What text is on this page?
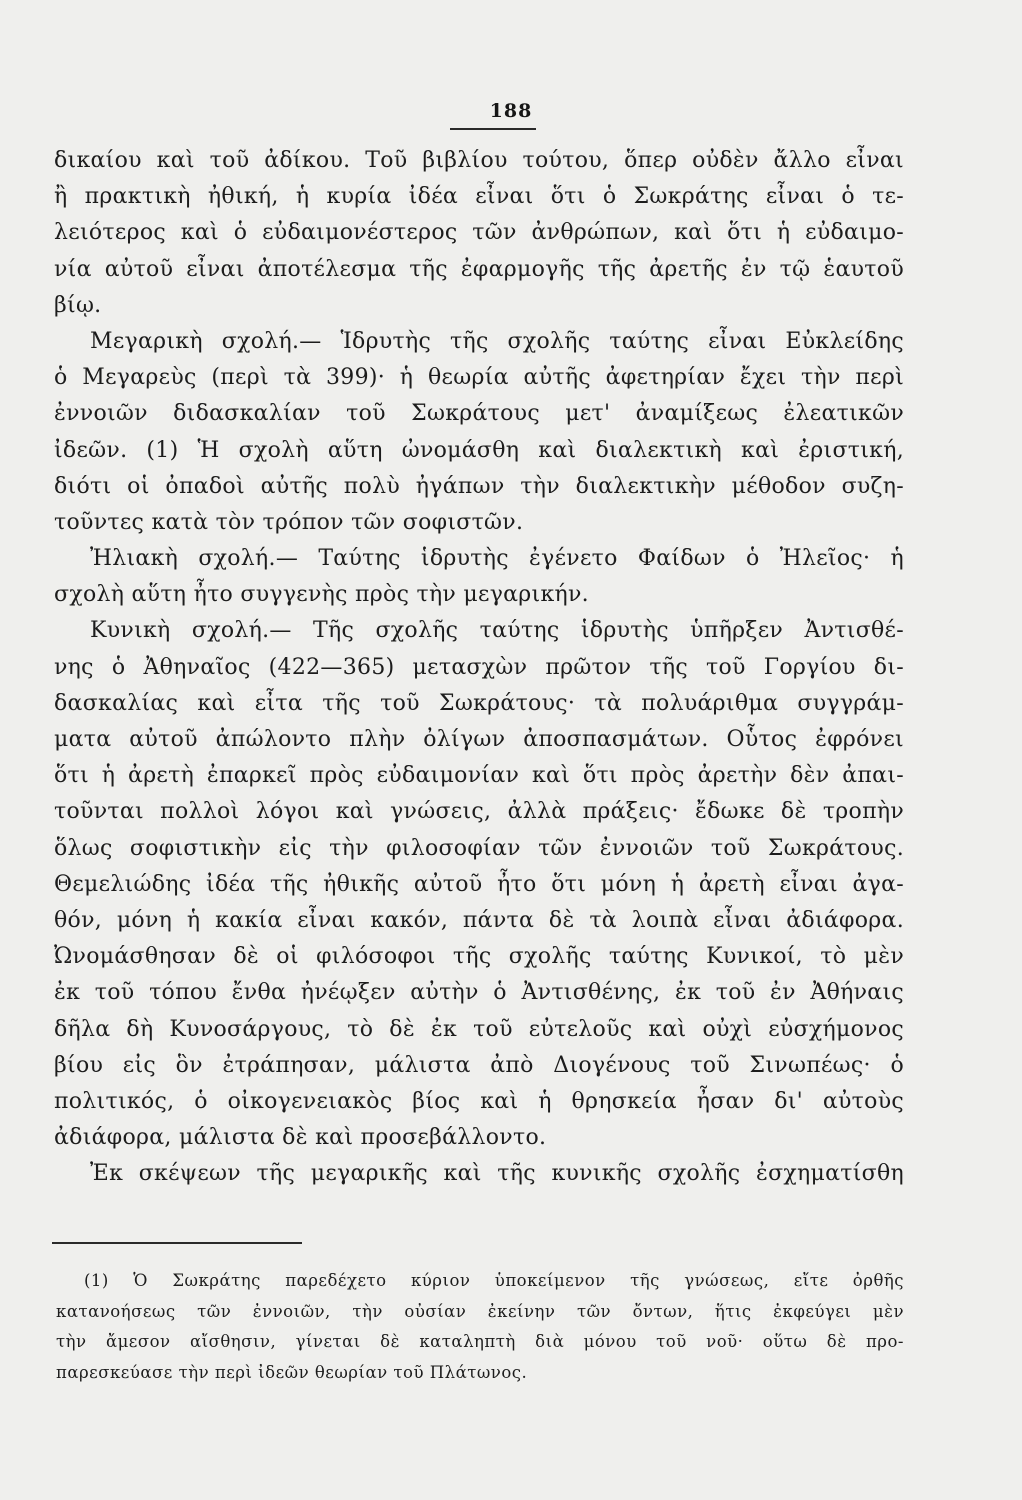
188
δικαίου καὶ τοῦ ἀδίκου. Τοῦ βιβλίου τούτου, ὅπερ οὐδὲν ἄλλο εἶναι
ἢ πρακτικὴ ἠθική, ἡ κυρία ἰδέα εἶναι ὅτι ὁ Σωκράτης εἶναι ὁ τε-
λειότερος καὶ ὁ εὐδαιμονέστερος τῶν ἀνθρώπων, καὶ ὅτι ἡ εὐδαιμο-
νία αὐτοῦ εἶναι ἀποτέλεσμα τῆς ἐφαρμογῆς τῆς ἀρετῆς ἐν τῷ ἑαυτοῦ
βίῳ.
Μεγαρικὴ σχολή.— Ἱδρυτὴς τῆς σχολῆς ταύτης εἶναι Εὐκλείδης
ὁ Μεγαρεὺς (περὶ τὰ 399)· ἡ θεωρία αὐτῆς ἀφετηρίαν ἔχει τὴν περὶ
ἐννοιῶν διδασκαλίαν τοῦ Σωκράτους μετ' ἀναμίξεως ἐλεατικῶν
ἰδεῶν. (1) Ἡ σχολὴ αὕτη ὠνομάσθη καὶ διαλεκτικὴ καὶ ἐριστική,
διότι οἱ ὀπαδοὶ αὐτῆς πολὺ ἠγάπων τὴν διαλεκτικὴν μέθοδον συζη-
τοῦντες κατὰ τὸν τρόπον τῶν σοφιστῶν.
Ἠλιακὴ σχολή.— Ταύτης ἱδρυτὴς ἐγένετο Φαίδων ὁ Ἠλεῖος· ἡ
σχολὴ αὕτη ἦτο συγγενὴς πρὸς τὴν μεγαρικήν.
Κυνικὴ σχολή.— Τῆς σχολῆς ταύτης ἱδρυτὴς ὑπῆρξεν Ἀντισθέ-
νης ὁ Ἀθηναῖος (422—365) μετασχὼν πρῶτον τῆς τοῦ Γοργίου δι-
δασκαλίας καὶ εἶτα τῆς τοῦ Σωκράτους· τὰ πολυάριθμα συγγράμ-
ματα αὐτοῦ ἀπώλοντο πλὴν ὀλίγων ἀποσπασμάτων. Οὗτος ἐφρόνει
ὅτι ἡ ἀρετὴ ἐπαρκεῖ πρὸς εὐδαιμονίαν καὶ ὅτι πρὸς ἀρετὴν δὲν ἀπαι-
τοῦνται πολλοὶ λόγοι καὶ γνώσεις, ἀλλὰ πράξεις· ἔδωκε δὲ τροπὴν
ὅλως σοφιστικὴν εἰς τὴν φιλοσοφίαν τῶν ἐννοιῶν τοῦ Σωκράτους.
Θεμελιώδης ἰδέα τῆς ἠθικῆς αὐτοῦ ἦτο ὅτι μόνη ἡ ἀρετὴ εἶναι ἀγα-
θόν, μόνη ἡ κακία εἶναι κακόν, πάντα δὲ τὰ λοιπὰ εἶναι ἀδιάφορα.
Ὠνομάσθησαν δὲ οἱ φιλόσοφοι τῆς σχολῆς ταύτης Κυνικοί, τὸ μὲν
ἐκ τοῦ τόπου ἔνθα ἠνέῳξεν αὐτὴν ὁ Ἀντισθένης, ἐκ τοῦ ἐν Ἀθήναις
δῆλα δὴ Κυνοσάργους, τὸ δὲ ἐκ τοῦ εὐτελοῦς καὶ οὐχὶ εὐσχήμονος
βίου εἰς ὃν ἐτράπησαν, μάλιστα ἀπὸ Διογένους τοῦ Σινωπέως· ὁ
πολιτικός, ὁ οἰκογενειακὸς βίος καὶ ἡ θρησκεία ἦσαν δι' αὐτοὺς
ἀδιάφορα, μάλιστα δὲ καὶ προσεβάλλοντο.
Ἐκ σκέψεων τῆς μεγαρικῆς καὶ τῆς κυνικῆς σχολῆς ἐσχηματίσθη
(1) Ὁ Σωκράτης παρεδέχετο κύριον ὑποκείμενον τῆς γνώσεως, εἴτε ὀρθῆς
κατανοήσεως τῶν ἐννοιῶν, τὴν οὐσίαν ἐκείνην τῶν ὄντων, ἥτις ἐκφεύγει μὲν
τὴν ἄμεσον αἴσθησιν, γίνεται δὲ καταληπτὴ διὰ μόνου τοῦ νοῦ· οὕτω δὲ προ-
παρεσκεύασε τὴν περὶ ἰδεῶν θεωρίαν τοῦ Πλάτωνος.
